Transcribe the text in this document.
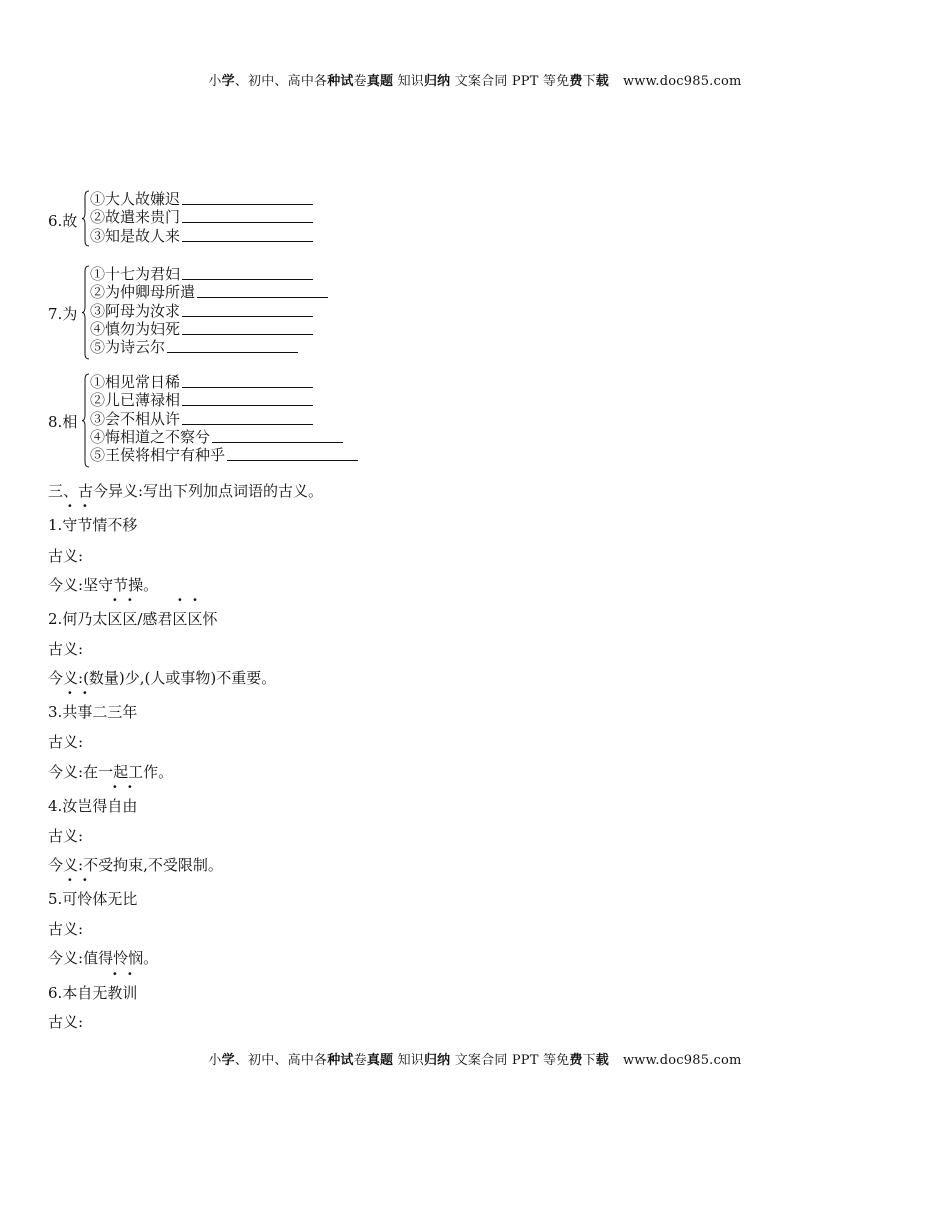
小学、初中、高中各种试卷真题 知识归纳 文案合同 PPT 等免费下载 www.doc985.com
6.故
①大人故嫌迟
②故遣来贵门
③知是故人来
7.为
①十七为君妇
②为仲卿母所遣
③阿母为汝求
④慎勿为妇死
⑤为诗云尔
8.相
①相见常日稀
②儿已薄禄相
③会不相从许
④悔相道之不察兮
⑤王侯将相宁有种乎
三、古今异义:写出下列加点词语的古义。
1.守节情不移
古义:
今义:坚守节操。
2.何乃太区区/感君区区怀
古义:
今义:(数量)少,(人或事物)不重要。
3.共事二三年
古义:
今义:在一起工作。
4.汝岂得自由
古义:
今义:不受拘束,不受限制。
5.可怜体无比
古义:
今义:值得怜悯。
6.本自无教训
古义:
小学、初中、高中各种试卷真题 知识归纳 文案合同 PPT 等免费下载 www.doc985.com
